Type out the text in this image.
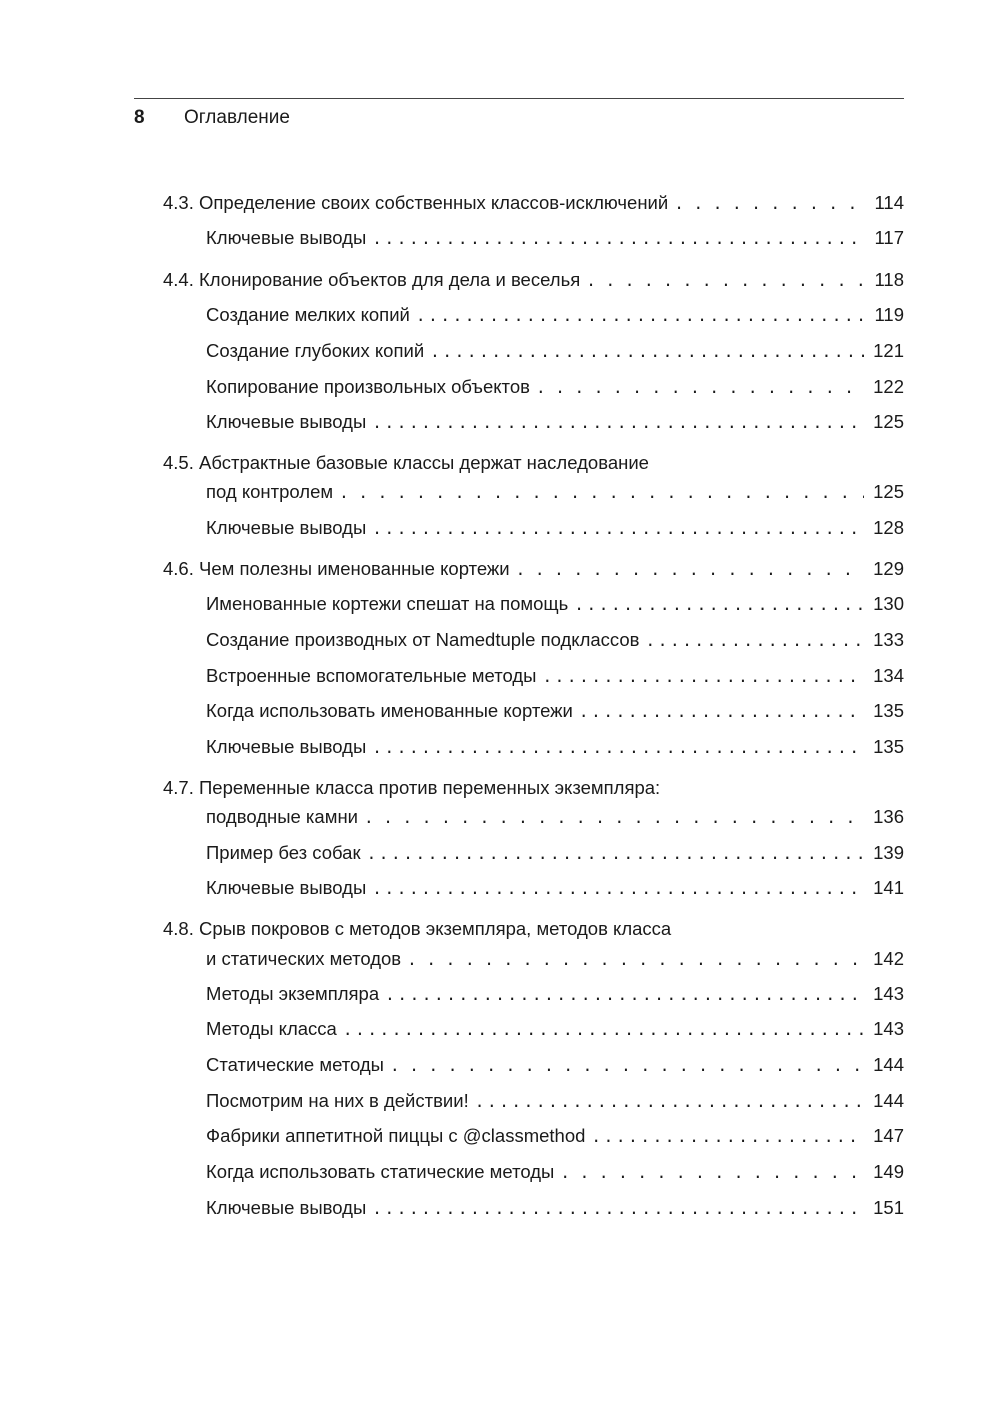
8 Оглавление
4.3. Определение своих собственных классов-исключений . . .	114
Ключевые выводы .....	117
4.4. Клонирование объектов для дела и веселья . . .	118
Создание мелких копий .....	119
Создание глубоких копий .....	121
Копирование произвольных объектов . . .	122
Ключевые выводы .....	125
4.5. Абстрактные базовые классы держат наследование
под контролем . . .	125
Ключевые выводы .....	128
4.6. Чем полезны именованные кортежи . . .	129
Именованные кортежи спешат на помощь .....	130
Создание производных от Namedtuple подклассов .....	133
Встроенные вспомогательные методы .....	134
Когда использовать именованные кортежи .....	135
Ключевые выводы .....	135
4.7. Переменные класса против переменных экземпляра:
подводные камни . . .	136
Пример без собак .....	139
Ключевые выводы .....	141
4.8. Срыв покровов с методов экземпляра, методов класса
и статических методов . . .	142
Методы экземпляра .....	143
Методы класса .....	143
Статические методы . . .	144
Посмотрим на них в действии! .....	144
Фабрики аппетитной пиццы с @classmethod .....	147
Когда использовать статические методы . . .	149
Ключевые выводы .....	151
